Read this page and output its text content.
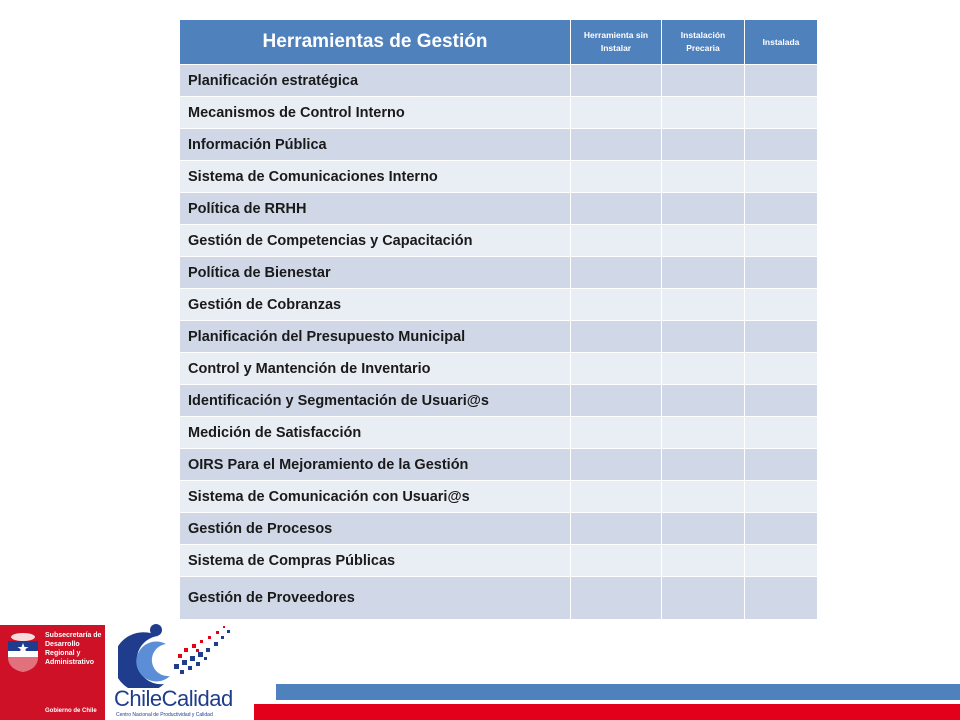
Herramientas de Gestión	Herramienta sin Instalar	Instalación Precaria	Instalada
Planificación estratégica			
Mecanismos de Control Interno			
Información Pública			
Sistema de Comunicaciones Interno			
Política de RRHH			
Gestión de Competencias y Capacitación			
Política de Bienestar			
Gestión de Cobranzas			
Planificación del Presupuesto Municipal			
Control y Mantención de Inventario			
Identificación y Segmentación de Usuari@s			
Medición de Satisfacción			
OIRS Para el Mejoramiento de la Gestión			
Sistema de Comunicación con Usuari@s			
Gestión de Procesos			
Sistema de Compras Públicas			
Gestión de Proveedores			
Subsecretaría de Desarrollo Regional y Administrativo
Gobierno de Chile ChileCalidad
Centro Nacional de Productividad y Calidad
